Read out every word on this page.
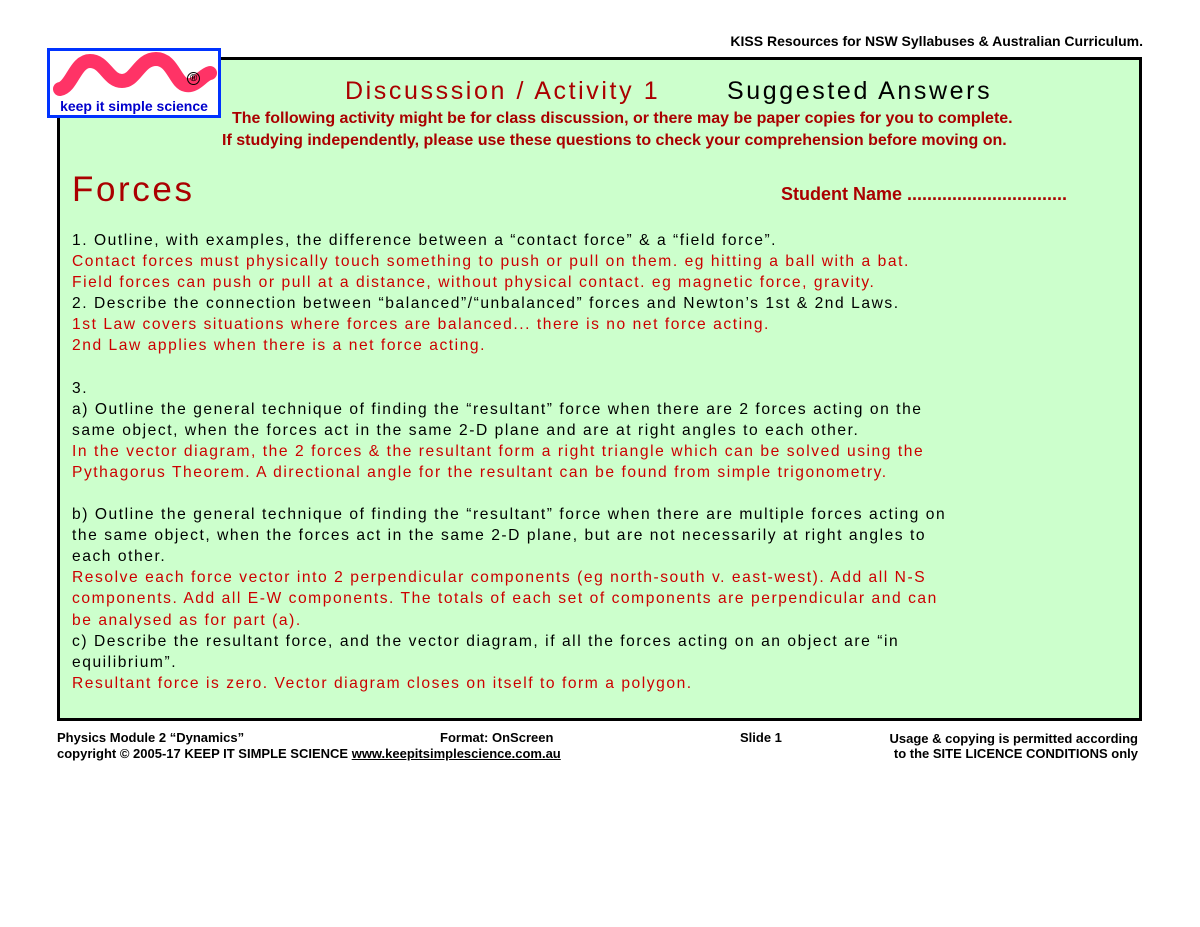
KISS Resources for NSW Syllabuses & Australian Curriculum.
®
keep it simple science
Discusssion / Activity 1	Suggested Answers
The following activity might be for class discussion, or there may be paper copies for you to complete.
If studying independently, please use these questions to check your comprehension before moving on.
Forces	Student Name ................................

1. Outline, with examples, the difference between a “contact force” & a “field force”.

Contact forces must physically touch something to push or pull on them. eg hitting a ball with a bat.

Field forces can push or pull at a distance, without physical contact. eg magnetic force, gravity.

2. Describe the connection between “balanced”/“unbalanced” forces and Newton’s 1st & 2nd Laws.

1st Law covers situations where forces are balanced... there is no net force acting.

2nd Law applies when there is a net force acting.

3.

a) Outline the general technique of finding the “resultant” force when there are 2 forces acting on the

same object, when the forces act in the same 2-D plane and are at right angles to each other.

In the vector diagram, the 2 forces & the resultant form a right triangle which can be solved using the

Pythagorus Theorem. A directional angle for the resultant can be found from simple trigonometry.

b) Outline the general technique of finding the “resultant” force when there are multiple forces acting on

the same object, when the forces act in the same 2-D plane, but are not necessarily at right angles to

each other.

Resolve each force vector into 2 perpendicular components (eg north-south v. east-west). Add all N-S

components. Add all E-W components. The totals of each set of components are perpendicular and can

be analysed as for part (a).

c) Describe the resultant force, and the vector diagram, if all the forces acting on an object are “in

equilibrium”.

Resultant force is zero. Vector diagram closes on itself to form a polygon.

Physics Module 2 “Dynamics”
copyright © 2005-17 KEEP IT SIMPLE SCIENCE www.keepitsimplescience.com.au
Format: OnScreen	Slide 1	Usage & copying is permitted according
to the SITE LICENCE CONDITIONS only
